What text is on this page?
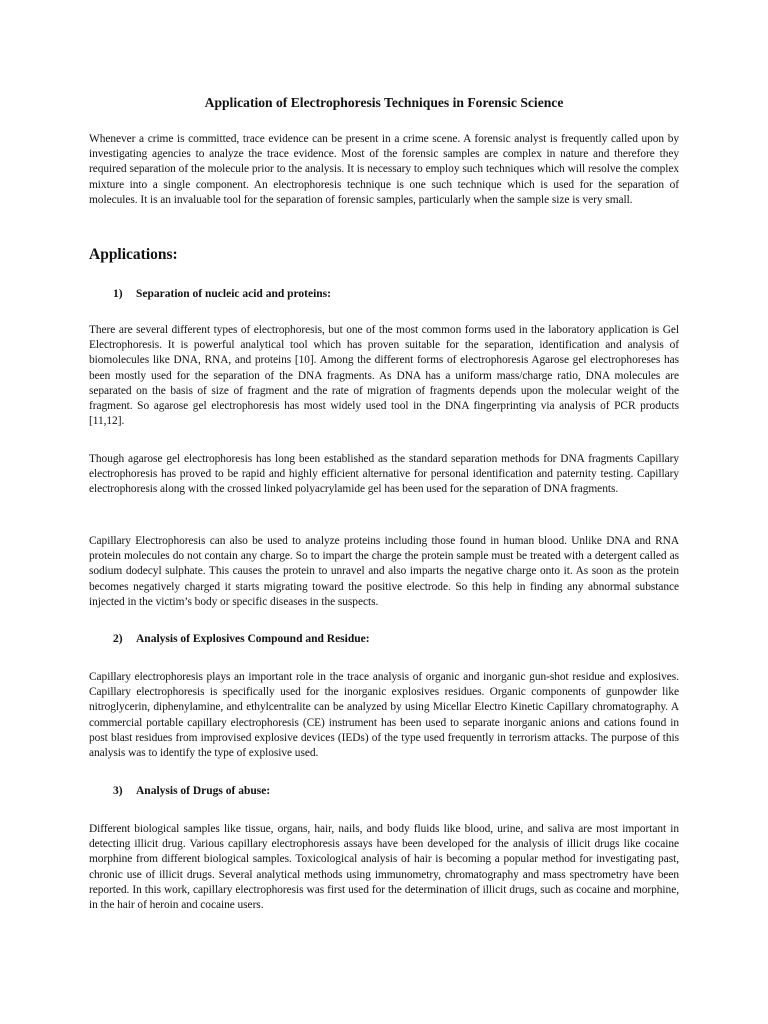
Application of Electrophoresis Techniques in Forensic Science

Whenever a crime is committed, trace evidence can be present in a crime scene. A forensic analyst is frequently called upon by investigating agencies to analyze the trace evidence. Most of the forensic samples are complex in nature and therefore they required separation of the molecule prior to the analysis. It is necessary to employ such techniques which will resolve the complex mixture into a single component. An electrophoresis technique is one such technique which is used for the separation of molecules. It is an invaluable tool for the separation of forensic samples, particularly when the sample size is very small.

Applications:
1) Separation of nucleic acid and proteins:

There are several different types of electrophoresis, but one of the most common forms used in the laboratory application is Gel Electrophoresis. It is powerful analytical tool which has proven suitable for the separation, identification and analysis of biomolecules like DNA, RNA, and proteins [10]. Among the different forms of electrophoresis Agarose gel electrophoreses has been mostly used for the separation of the DNA fragments. As DNA has a uniform mass/charge ratio, DNA molecules are separated on the basis of size of fragment and the rate of migration of fragments depends upon the molecular weight of the fragment. So agarose gel electrophoresis has most widely used tool in the DNA fingerprinting via analysis of PCR products [11,12].

Though agarose gel electrophoresis has long been established as the standard separation methods for DNA fragments Capillary electrophoresis has proved to be rapid and highly efficient alternative for personal identification and paternity testing. Capillary electrophoresis along with the crossed linked polyacrylamide gel has been used for the separation of DNA fragments.

Capillary Electrophoresis can also be used to analyze proteins including those found in human blood. Unlike DNA and RNA protein molecules do not contain any charge. So to impart the charge the protein sample must be treated with a detergent called as sodium dodecyl sulphate. This causes the protein to unravel and also imparts the negative charge onto it. As soon as the protein becomes negatively charged it starts migrating toward the positive electrode. So this help in finding any abnormal substance injected in the victim’s body or specific diseases in the suspects.

2) Analysis of Explosives Compound and Residue:

Capillary electrophoresis plays an important role in the trace analysis of organic and inorganic gun-shot residue and explosives. Capillary electrophoresis is specifically used for the inorganic explosives residues. Organic components of gunpowder like nitroglycerin, diphenylamine, and ethylcentralite can be analyzed by using Micellar Electro Kinetic Capillary chromatography. A commercial portable capillary electrophoresis (CE) instrument has been used to separate inorganic anions and cations found in post blast residues from improvised explosive devices (IEDs) of the type used frequently in terrorism attacks. The purpose of this analysis was to identify the type of explosive used.

3) Analysis of Drugs of abuse:

Different biological samples like tissue, organs, hair, nails, and body fluids like blood, urine, and saliva are most important in detecting illicit drug. Various capillary electrophoresis assays have been developed for the analysis of illicit drugs like cocaine morphine from different biological samples. Toxicological analysis of hair is becoming a popular method for investigating past, chronic use of illicit drugs. Several analytical methods using immunometry, chromatography and mass spectrometry have been reported. In this work, capillary electrophoresis was first used for the determination of illicit drugs, such as cocaine and morphine, in the hair of heroin and cocaine users.
